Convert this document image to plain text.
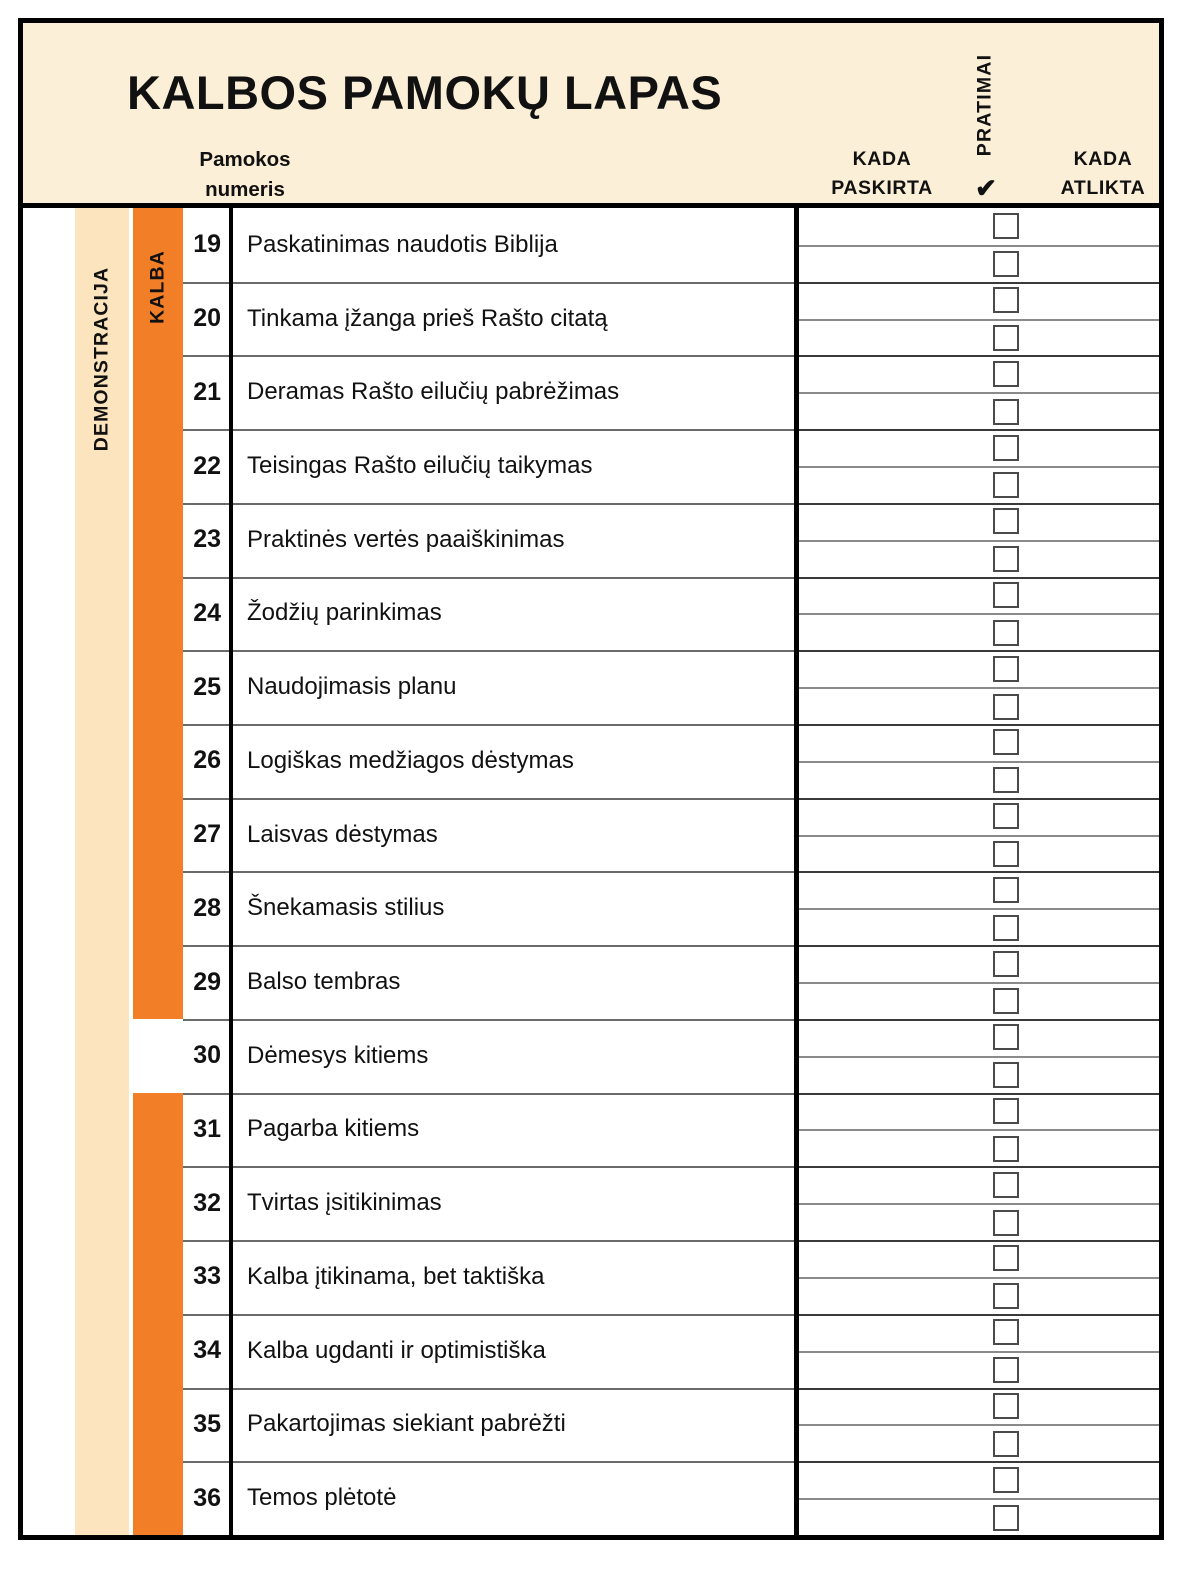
KALBOS PAMOKŲ LAPAS
Pamokos
numeris
KADA
PASKIRTA
PRATIMAI
✔
KADA
ATLIKTA
DEMONSTRACIJA KALBA
19	Paskatinimas naudotis Biblija
20	Tinkama įžanga prieš Rašto citatą
21	Deramas Rašto eilučių pabrėžimas
22	Teisingas Rašto eilučių taikymas
23	Praktinės vertės paaiškinimas
24	Žodžių parinkimas
25	Naudojimasis planu
26	Logiškas medžiagos dėstymas
27	Laisvas dėstymas
28	Šnekamasis stilius
29	Balso tembras
30	Dėmesys kitiems
31	Pagarba kitiems
32	Tvirtas įsitikinimas
33	Kalba įtikinama, bet taktiška
34	Kalba ugdanti ir optimistiška
35	Pakartojimas siekiant pabrėžti
36	Temos plėtotė
